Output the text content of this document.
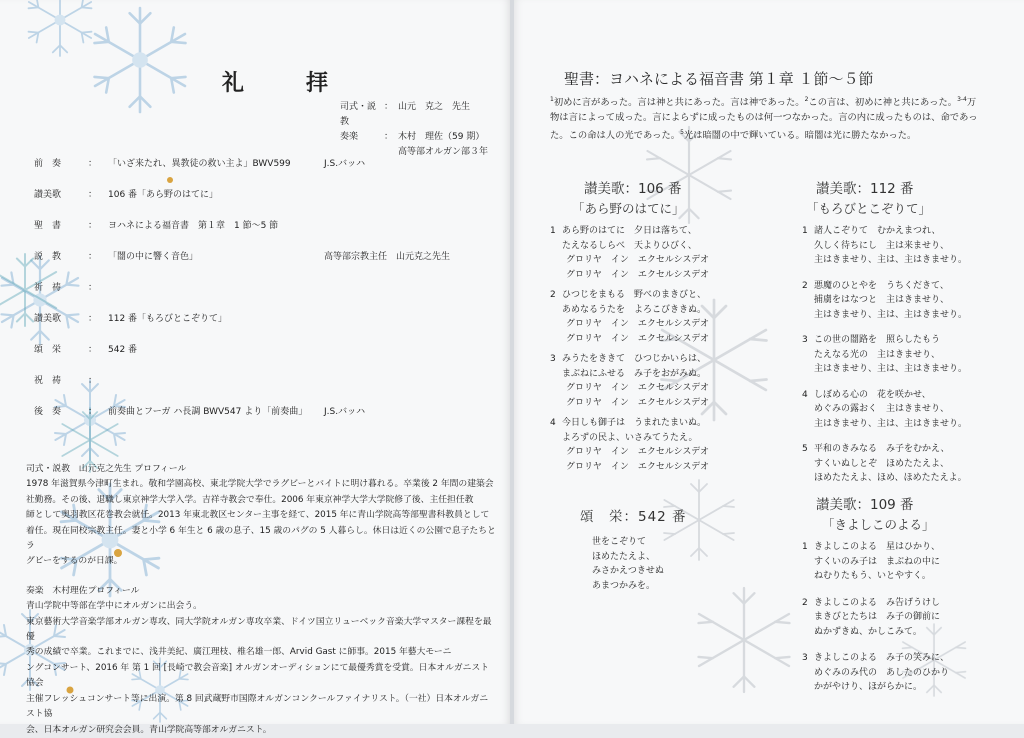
礼　拝
司式・説教
： 山元　克之　先生
奏楽	： 木村　理佐（59 期）
高等部オルガン部３年
前　奏	： 「いざ来たれ、異教徒の救い主よ」BWV599	J.S.バッハ
讃美歌	： 106 番「あら野のはてに」
聖　書	： ヨハネによる福音書　第１章　1 節〜5 節
説　教	： 「闇の中に響く音色」	高等部宗教主任　山元克之先生
祈　祷	：
讃美歌	： 112 番「もろびとこぞりて」
頌　栄	： 542 番
祝　祷	：
後　奏	： 前奏曲とフーガ ハ長調 BWV547 より「前奏曲」 J.S.バッハ

司式・説教　山元克之先生 プロフィール

1978 年滋賀県今津町生まれ。敬和学園高校、東北学院大学でラグビーとバイトに明け暮れる。卒業後 2 年間の建築会

社勤務。その後、退職し東京神学大学入学。吉祥寺教会で奉仕。2006 年東京神学大学大学院修了後、主任担任教

師として奥羽教区花巻教会就任。2013 年東北教区センター主事を経て、2015 年に青山学院高等部聖書科教員として

着任。現在同校宗教主任。妻と小学 6 年生と 6 歳の息子、15 歳のパグの 5 人暮らし。休日は近くの公園で息子たちとラ

グビーをするのが日課。

奏楽　木村理佐プロフィール

青山学院中等部在学中にオルガンに出会う。

東京藝術大学音楽学部オルガン専攻、同大学院オルガン専攻卒業、ドイツ国立リューベック音楽大学マスター課程を最優

秀の成績で卒業。これまでに、浅井美紀、廣江理枝、椎名雄一郎、Arvid Gast に師事。2015 年藝大モーニ

ングコンサート、2016 年 第 1 回 [長崎で教会音楽] オルガンオーディションにて最優秀賞を受賞。日本オルガニスト協会

主催フレッシュコンサート等に出演。第 8 回武蔵野市国際オルガンコンクールファイナリスト。（一社）日本オルガニスト協

会、日本オルガン研究会会員。青山学院高等部オルガニスト。

聖書：ヨハネによる福音書 第１章 １節〜５節
$^1$初めに言があった。言は神と共にあった。言は神であった。$^2$この言は、初めに神と共にあった。$^{3-4}$万
物は言によって成った。言によらずに成ったものは何一つなかった。言の内に成ったものは、命であっ
た。この命は人の光であった。$^5$光は暗闇の中で輝いている。暗闇は光に勝たなかった。
讃美歌：106 番
「あら野のはてに」
1 あら野のはてに　夕日は落ちて、
たえなるしらべ　天よりひびく、
グロリヤ　イン　エクセルシスデオ
グロリヤ　イン　エクセルシスデオ
2 ひつじをまもる　野べのまきびと、
あめなるうたを　よろこびききぬ。
グロリヤ　イン　エクセルシスデオ
グロリヤ　イン　エクセルシスデオ
3 みうたをききて　ひつじかいらは、
まぶねにふせる　み子をおがみぬ。
グロリヤ　イン　エクセルシスデオ
グロリヤ　イン　エクセルシスデオ
4 今日しも御子は　うまれたまいぬ。
よろずの民よ、いさみてうたえ。
グロリヤ　イン　エクセルシスデオ
グロリヤ　イン　エクセルシスデオ
頌　栄：542 番
世をこぞりて
ほめたたえよ、
みさかえつきせぬ
あまつかみを。
讃美歌：112 番
「もろびとこぞりて」
1 諸人こぞりて　むかえまつれ、
久しく待ちにし　主は来ませり、
主はきませり、主は、主はきませり。
2 悪魔のひとやを　うちくだきて、
捕虜をはなつと　主はきませり、
主はきませり、主は、主はきませり。
3 この世の闇路を　照らしたもう
たえなる光の　主はきませり、
主はきませり、主は、主はきませり。
4 しぼめる心の　花を咲かせ、
めぐみの露おく　主はきませり、
主はきませり、主は、主はきませり。
5 平和のきみなる　み子をむかえ、
すくいぬしとぞ　ほめたたえよ、
ほめたたえよ、ほめ、ほめたたえよ。
讃美歌：109 番
「きよしこのよる」
1 きよしこのよる　星はひかり、
すくいのみ子は　まぶねの中に
ねむりたもう、いとやすく。
2 きよしこのよる　み告げうけし
まきびとたちは　み子の御前に
ぬかずきぬ、かしこみて。
3 きよしこのよる　み子の笑みに、
めぐみのみ代の　あしたのひかり
かがやけり、ほがらかに。
